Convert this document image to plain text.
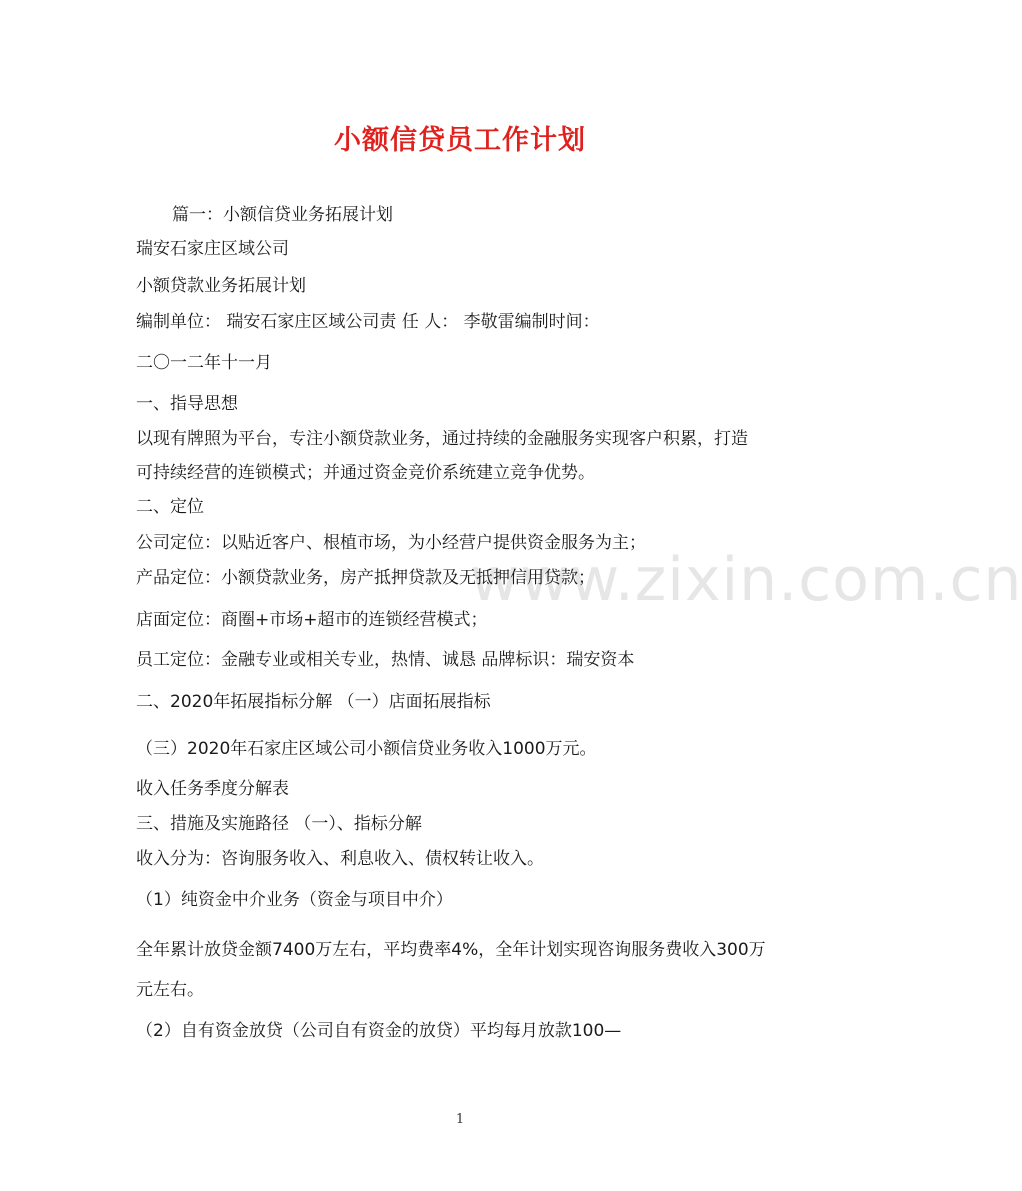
www.zixin.com.cn
小额信贷员工作计划
篇一：小额信贷业务拓展计划
瑞安石家庄区域公司
小额贷款业务拓展计划
编制单位： 瑞安石家庄区域公司责 任 人： 李敬雷编制时间：
二〇一二年十一月
一、指导思想
以现有牌照为平台，专注小额贷款业务，通过持续的金融服务实现客户积累，打造
可持续经营的连锁模式；并通过资金竞价系统建立竞争优势。
二、定位
公司定位：以贴近客户、根植市场，为小经营户提供资金服务为主；
产品定位：小额贷款业务，房产抵押贷款及无抵押信用贷款；
店面定位：商圈+市场+超市的连锁经营模式；
员工定位：金融专业或相关专业，热情、诚恳 品牌标识：瑞安资本
二、2020年拓展指标分解 （一）店面拓展指标
（三）2020年石家庄区域公司小额信贷业务收入1000万元。
收入任务季度分解表
三、措施及实施路径 （一）、指标分解
收入分为：咨询服务收入、利息收入、债权转让收入。
（1）纯资金中介业务（资金与项目中介）
全年累计放贷金额7400万左右，平均费率4%，全年计划实现咨询服务费收入300万
元左右。
（2）自有资金放贷（公司自有资金的放贷）平均每月放款100—
1
